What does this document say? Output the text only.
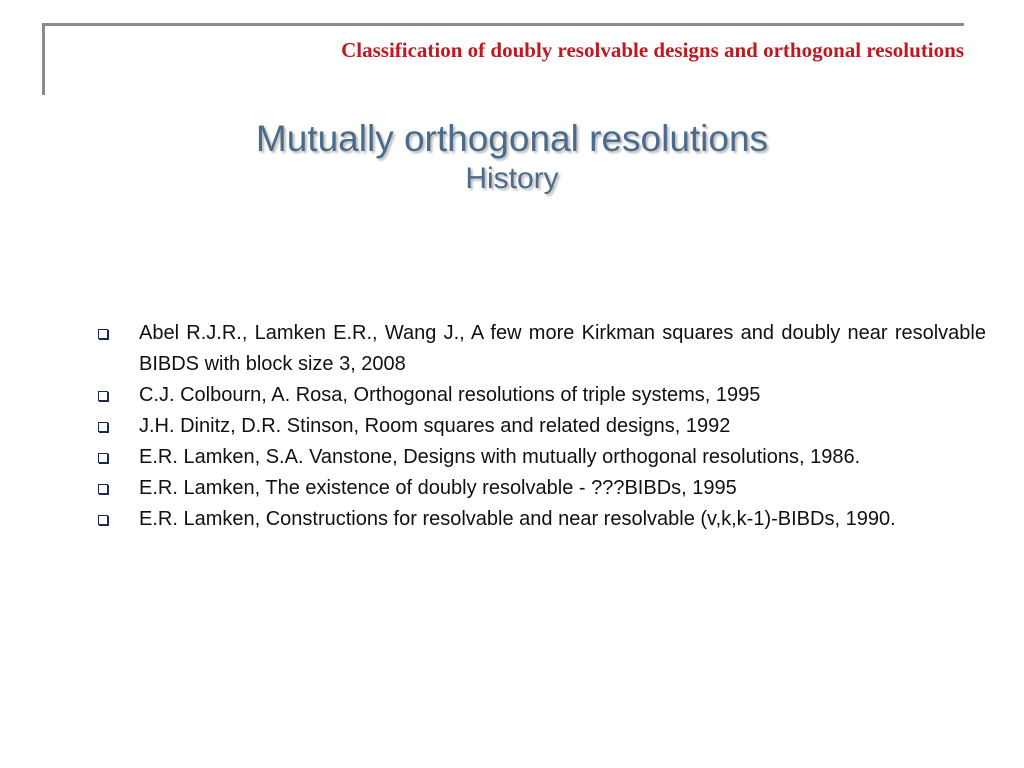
Classification of doubly resolvable designs and orthogonal resolutions
Mutually orthogonal resolutions
History
Abel R.J.R., Lamken E.R., Wang J., A few more Kirkman squares and doubly near resolvable BIBDS with block size 3, 2008
C.J. Colbourn, A. Rosa, Orthogonal resolutions of triple systems, 1995
J.H. Dinitz, D.R. Stinson, Room squares and related designs, 1992
E.R. Lamken, S.A. Vanstone, Designs with mutually orthogonal resolutions, 1986.
E.R. Lamken, The existence of doubly resolvable - ???BIBDs, 1995
E.R. Lamken, Constructions for resolvable and near resolvable (v,k,k-1)-BIBDs, 1990.
